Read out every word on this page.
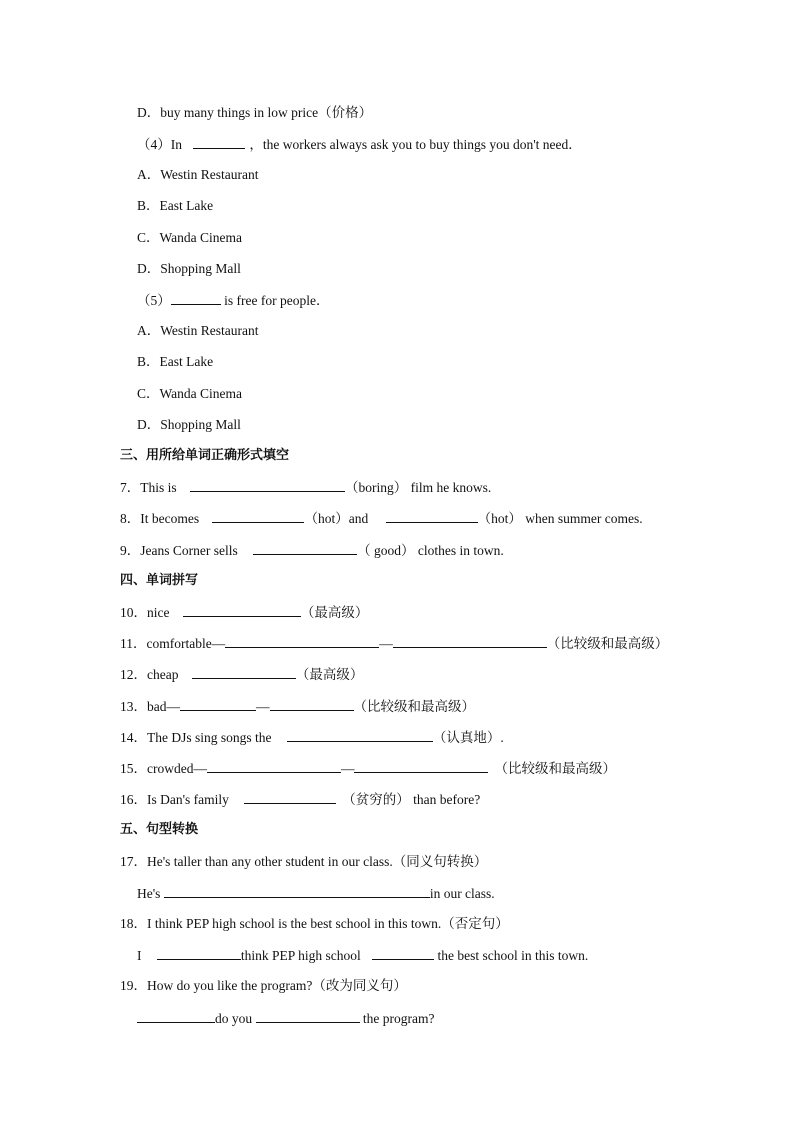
D．buy many things in low price（价格）
（4）In	，the workers always ask you to buy things you don't need．
A．Westin Restaurant
B．East Lake
C．Wanda Cinema
D．Shopping Mall
（5）	is free for people．
A．Westin Restaurant
B．East Lake
C．Wanda Cinema
D．Shopping Mall
三、用所给单词正确形式填空
7．This is	（boring） film he knows.
8．It becomes	（hot）and	（hot） when summer comes.
9．Jeans Corner sells	（ good） clothes in town.
四、单词拼写
10．nice	（最高级）
11．comfortable—	—	（比较级和最高级）
12．cheap	（最高级）
13．bad—	—	（比较级和最高级）
14．The DJs sing songs the	（认真地）.
15．crowded—	—	（比较级和最高级）
16．Is Dan's family	（贫穷的） than before?
五、句型转换
17．He's taller than any other student in our class.（同义句转换）
He's	in our class.
18．I think PEP high school is the best school in this town.（否定句）
I	think PEP high school	the best school in this town.
19．How do you like the program?（改为同义句）
do you	the program?
